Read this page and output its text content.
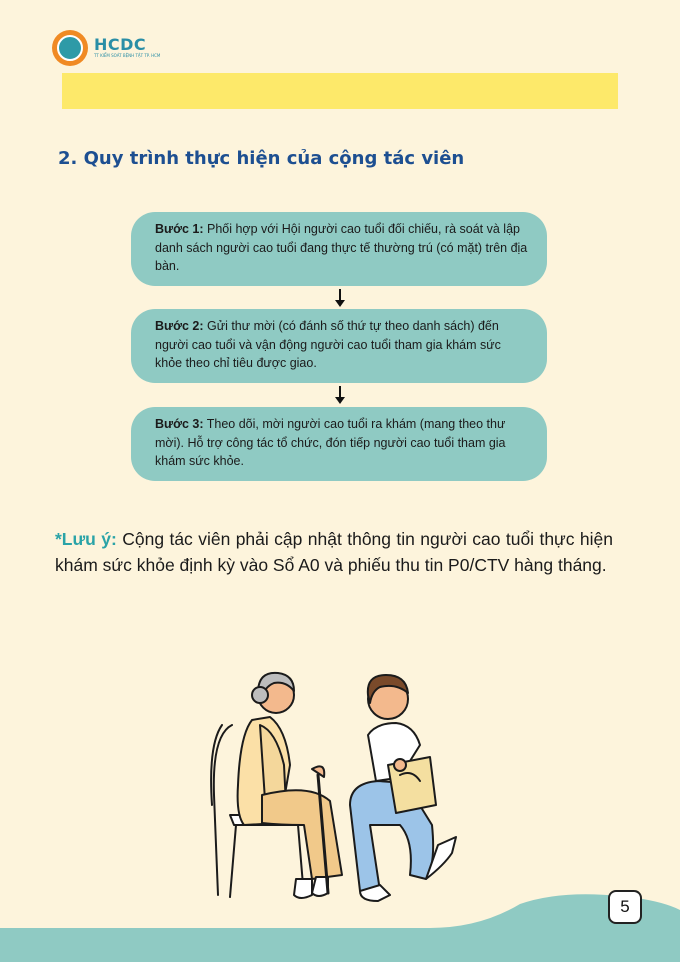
HCDC
TT KIỂM SOÁT BỆNH TẬT TP. HCM
2. Quy trình thực hiện của cộng tác viên
Bước 1: Phối hợp với Hội người cao tuổi đối chiếu, rà soát và lập danh sách người cao tuổi đang thực tế thường trú (có mặt) trên địa bàn.
Bước 2: Gửi thư mời (có đánh số thứ tự theo danh sách) đến người cao tuổi và vận động người cao tuổi tham gia khám sức khỏe theo chỉ tiêu được giao.
Bước 3: Theo dõi, mời người cao tuổi ra khám (mang theo thư mời). Hỗ trợ công tác tổ chức, đón tiếp người cao tuổi tham gia khám sức khỏe.

*Lưu ý: Cộng tác viên phải cập nhật thông tin người cao tuổi thực hiện khám sức khỏe định kỳ vào Sổ A0 và phiếu thu tin P0/CTV hàng tháng.

5
